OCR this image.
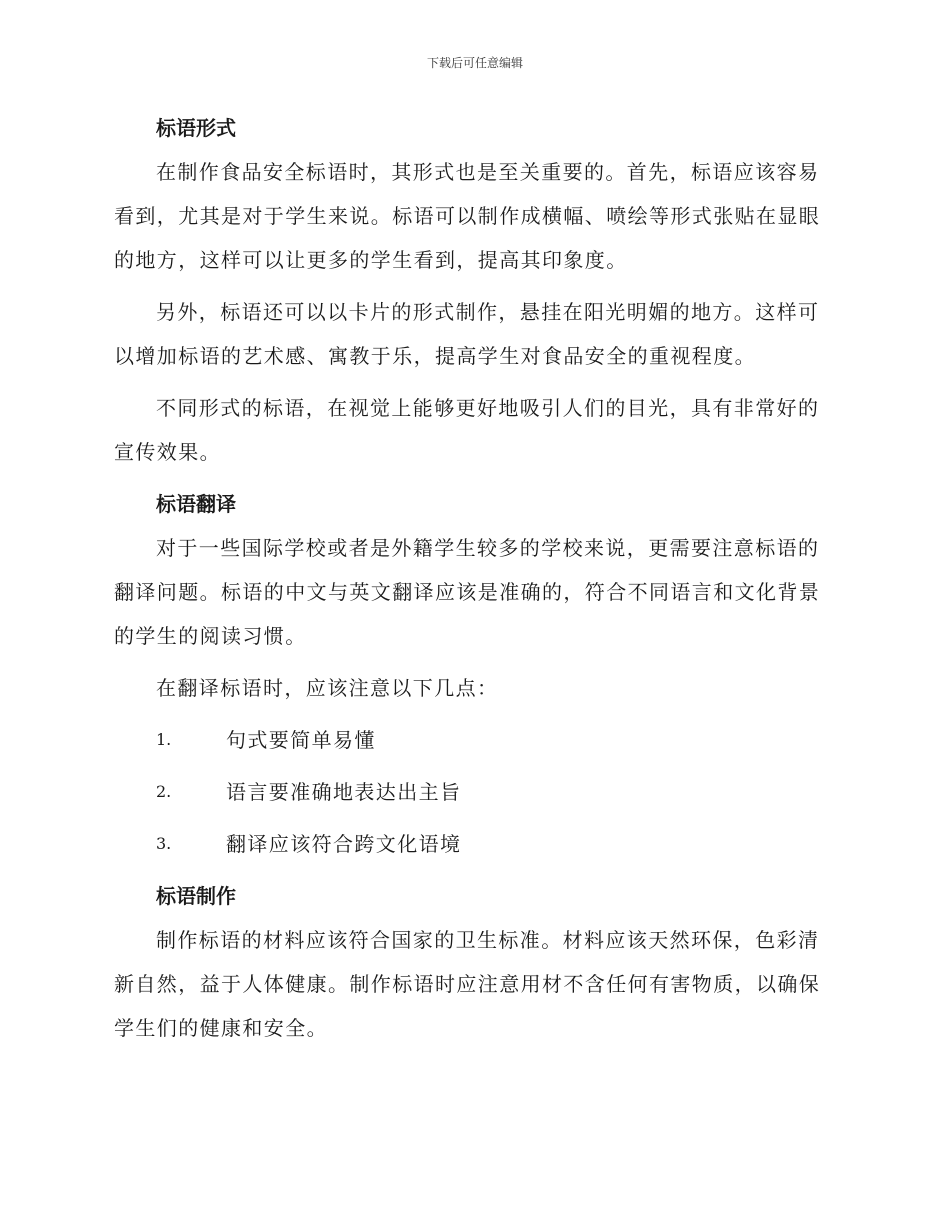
下载后可任意编辑
标语形式

在制作食品安全标语时，其形式也是至关重要的。首先，标语应该容易看到，尤其是对于学生来说。标语可以制作成横幅、喷绘等形式张贴在显眼的地方，这样可以让更多的学生看到，提高其印象度。

另外，标语还可以以卡片的形式制作，悬挂在阳光明媚的地方。这样可以增加标语的艺术感、寓教于乐，提高学生对食品安全的重视程度。

不同形式的标语，在视觉上能够更好地吸引人们的目光，具有非常好的宣传效果。

标语翻译

对于一些国际学校或者是外籍学生较多的学校来说，更需要注意标语的翻译问题。标语的中文与英文翻译应该是准确的，符合不同语言和文化背景的学生的阅读习惯。

在翻译标语时，应该注意以下几点：

1.	句式要简单易懂
2.	语言要准确地表达出主旨
3.	翻译应该符合跨文化语境
标语制作

制作标语的材料应该符合国家的卫生标准。材料应该天然环保，色彩清新自然，益于人体健康。制作标语时应注意用材不含任何有害物质，以确保学生们的健康和安全。
